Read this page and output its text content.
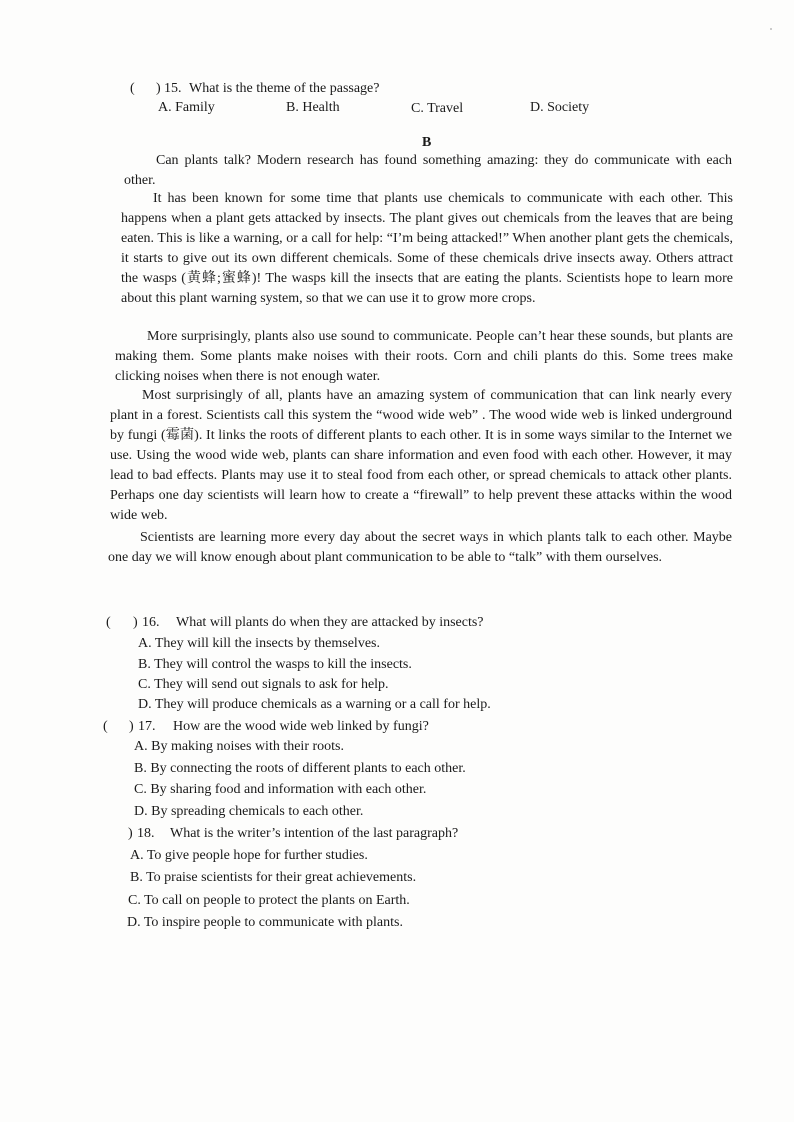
( ) 15. What is the theme of the passage?
A. Family	B. Health	C. Travel	D. Society
B

Can plants talk? Modern research has found something amazing: they do communicate with each other.

It has been known for some time that plants use chemicals to communicate with each other. This happens when a plant gets attacked by insects. The plant gives out chemicals from the leaves that are being eaten. This is like a warning, or a call for help: “I’m being attacked!” When another plant gets the chemicals, it starts to give out its own different chemicals. Some of these chemicals drive insects away. Others attract the wasps (黄蜂;蜜蜂)! The wasps kill the insects that are eating the plants. Scientists hope to learn more about this plant warning system, so that we can use it to grow more crops.

More surprisingly, plants also use sound to communicate. People can’t hear these sounds, but plants are making them. Some plants make noises with their roots. Corn and chili plants do this. Some trees make clicking noises when there is not enough water.

Most surprisingly of all, plants have an amazing system of communication that can link nearly every plant in a forest. Scientists call this system the “wood wide web” . The wood wide web is linked underground by fungi (霉菌). It links the roots of different plants to each other. It is in some ways similar to the Internet we use. Using the wood wide web, plants can share information and even food with each other. However, it may lead to bad effects. Plants may use it to steal food from each other, or spread chemicals to attack other plants. Perhaps one day scientists will learn how to create a “firewall” to help prevent these attacks within the wood wide web.

Scientists are learning more every day about the secret ways in which plants talk to each other. Maybe one day we will know enough about plant communication to be able to “talk” with them ourselves.

( ) 16. What will plants do when they are attacked by insects?
A. They will kill the insects by themselves.
B. They will control the wasps to kill the insects.
C. They will send out signals to ask for help.
D. They will produce chemicals as a warning or a call for help.
( ) 17. How are the wood wide web linked by fungi?
A. By making noises with their roots.
B. By connecting the roots of different plants to each other.
C. By sharing food and information with each other.
D. By spreading chemicals to each other.
) 18. What is the writer’s intention of the last paragraph?
A. To give people hope for further studies.
B. To praise scientists for their great achievements.
C. To call on people to protect the plants on Earth.
D. To inspire people to communicate with plants.
